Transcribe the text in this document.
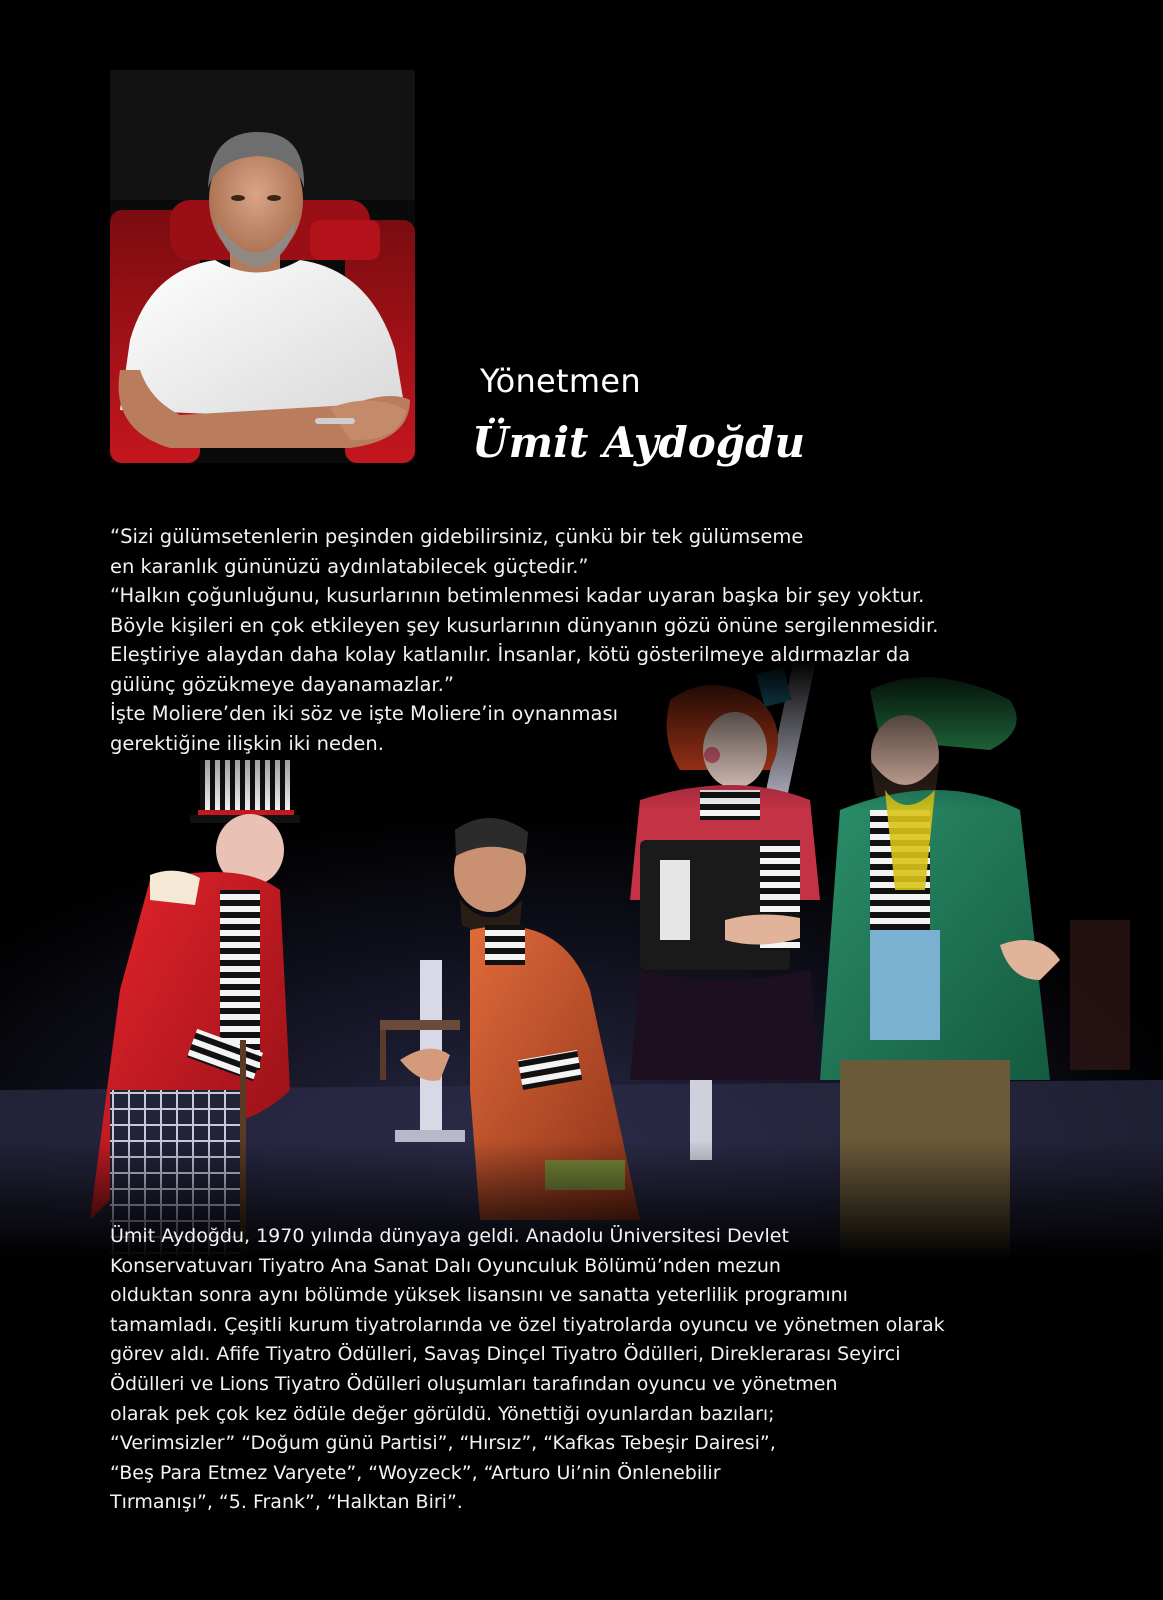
Yönetmen
Ümit Aydoğdu

“Sizi gülümsetenlerin peşinden gidebilirsiniz, çünkü bir tek gülümseme
en karanlık gününüzü aydınlatabilecek güçtedir.”
“Halkın çoğunluğunu, kusurlarının betimlenmesi kadar uyaran başka bir şey yoktur.
Böyle kişileri en çok etkileyen şey kusurlarının dünyanın gözü önüne sergilenmesidir.
Eleştiriye alaydan daha kolay katlanılır. İnsanlar, kötü gösterilmeye aldırmazlar da
gülünç gözükmeye dayanamazlar.”
İşte Moliere’den iki söz ve işte Moliere’in oynanması
gerektiğine ilişkin iki neden.

Ümit Aydoğdu, 1970 yılında dünyaya geldi. Anadolu Üniversitesi Devlet
Konservatuvarı Tiyatro Ana Sanat Dalı Oyunculuk Bölümü’nden mezun
olduktan sonra aynı bölümde yüksek lisansını ve sanatta yeterlilik programını
tamamladı. Çeşitli kurum tiyatrolarında ve özel tiyatrolarda oyuncu ve yönetmen olarak
görev aldı. Afife Tiyatro Ödülleri, Savaş Dinçel Tiyatro Ödülleri, Direklerarası Seyirci
Ödülleri ve Lions Tiyatro Ödülleri oluşumları tarafından oyuncu ve yönetmen
olarak pek çok kez ödüle değer görüldü. Yönettiği oyunlardan bazıları;
“Verimsizler” “Doğum günü Partisi”, “Hırsız”, “Kafkas Tebeşir Dairesi”,
“Beş Para Etmez Varyete”, “Woyzeck”, “Arturo Ui’nin Önlenebilir
Tırmanışı”, “5. Frank”, “Halktan Biri”.
